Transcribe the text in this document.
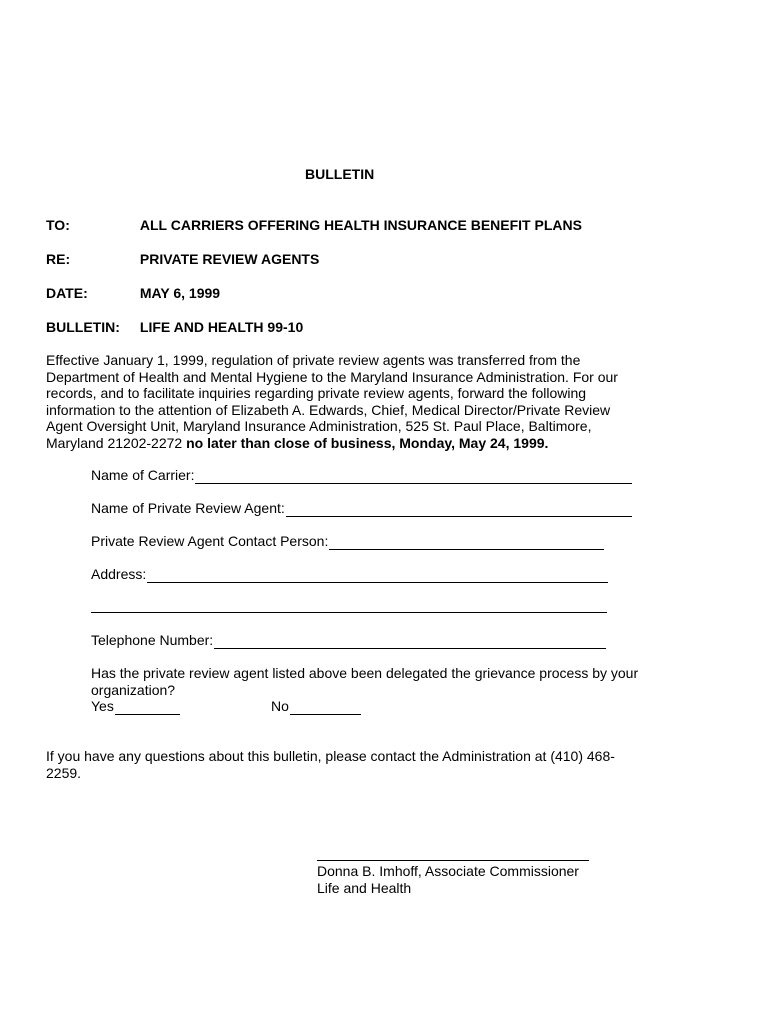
BULLETIN
TO:	ALL CARRIERS OFFERING HEALTH INSURANCE BENEFIT PLANS
RE:	PRIVATE REVIEW AGENTS
DATE:	MAY 6, 1999
BULLETIN: LIFE AND HEALTH 99-10
Effective January 1, 1999, regulation of private review agents was transferred from the
Department of Health and Mental Hygiene to the Maryland Insurance Administration. For our
records, and to facilitate inquiries regarding private review agents, forward the following
information to the attention of Elizabeth A. Edwards, Chief, Medical Director/Private Review
Agent Oversight Unit, Maryland Insurance Administration, 525 St. Paul Place, Baltimore,
Maryland 21202-2272 no later than close of business, Monday, May 24, 1999.
Name of Carrier:
Name of Private Review Agent:
Private Review Agent Contact Person:
Address:
Telephone Number:
Has the private review agent listed above been delegated the grievance process by your
organization?
Yes	No
If you have any questions about this bulletin, please contact the Administration at (410) 468-
2259.
Donna B. Imhoff, Associate Commissioner
Life and Health
